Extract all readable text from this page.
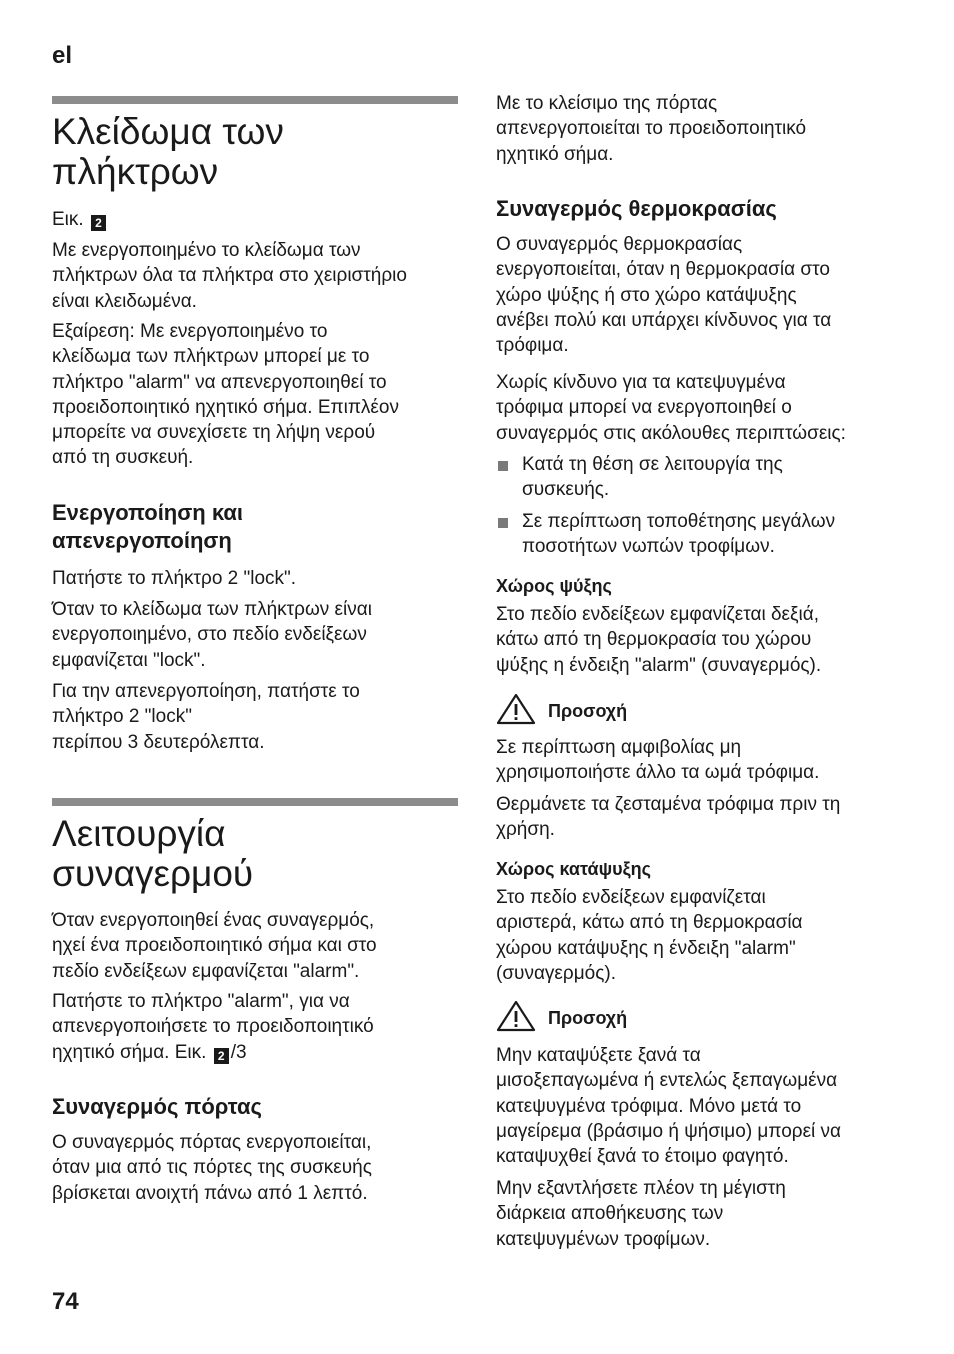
el
Κλείδωμα των
πλήκτρων
Εικ. 2

Με ενεργοποιημένο το κλείδωμα των
πλήκτρων όλα τα πλήκτρα στο χειριστήριο
είναι κλειδωμένα.

Εξαίρεση: Με ενεργοποιημένο το
κλείδωμα των πλήκτρων μπορεί με το
πλήκτρο "alarm" να απενεργοποιηθεί το
προειδοποιητικό ηχητικό σήμα. Επιπλέον
μπορείτε να συνεχίσετε τη λήψη νερού
από τη συσκευή.

Ενεργοποίηση και
απενεργοποίηση

Πατήστε το πλήκτρο 2 "lock".

Όταν το κλείδωμα των πλήκτρων είναι
ενεργοποιημένο, στο πεδίο ενδείξεων
εμφανίζεται "lock".

Για την απενεργοποίηση, πατήστε το
πλήκτρο 2 "lock"
περίπου 3 δευτερόλεπτα.

Λειτουργία
συναγερμού

Όταν ενεργοποιηθεί ένας συναγερμός,
ηχεί ένα προειδοποιητικό σήμα και στο
πεδίο ενδείξεων εμφανίζεται "alarm".

Πατήστε το πλήκτρο "alarm", για να
απενεργοποιήσετε το προειδοποιητικό
ηχητικό σήμα. Εικ. 2 /3

Συναγερμός πόρτας

Ο συναγερμός πόρτας ενεργοποιείται,
όταν μια από τις πόρτες της συσκευής
βρίσκεται ανοιχτή πάνω από 1 λεπτό.

Με το κλείσιμο της πόρτας
απενεργοποιείται το προειδοποιητικό
ηχητικό σήμα.

Συναγερμός θερμοκρασίας

Ο συναγερμός θερμοκρασίας
ενεργοποιείται, όταν η θερμοκρασία στο
χώρο ψύξης ή στο χώρο κατάψυξης
ανέβει πολύ και υπάρχει κίνδυνος για τα
τρόφιμα.

Χωρίς κίνδυνο για τα κατεψυγμένα
τρόφιμα μπορεί να ενεργοποιηθεί ο
συναγερμός στις ακόλουθες περιπτώσεις:

Κατά τη θέση σε λειτουργία της
συσκευής.
Σε περίπτωση τοποθέτησης μεγάλων
ποσοτήτων νωπών τροφίμων.
Χώρος ψύξης

Στο πεδίο ενδείξεων εμφανίζεται δεξιά,
κάτω από τη θερμοκρασία του χώρου
ψύξης η ένδειξη "alarm" (συναγερμός).

Προσοχή

Σε περίπτωση αμφιβολίας μη
χρησιμοποιήστε άλλο τα ωμά τρόφιμα.

Θερμάνετε τα ζεσταμένα τρόφιμα πριν τη
χρήση.

Χώρος κατάψυξης

Στο πεδίο ενδείξεων εμφανίζεται
αριστερά, κάτω από τη θερμοκρασία
χώρου κατάψυξης η ένδειξη "alarm"
(συναγερμός).

Προσοχή

Μην καταψύξετε ξανά τα
μισοξεπαγωμένα ή εντελώς ξεπαγωμένα
κατεψυγμένα τρόφιμα. Μόνο μετά το
μαγείρεμα (βράσιμο ή ψήσιμο) μπορεί να
καταψυχθεί ξανά το έτοιμο φαγητό.

Μην εξαντλήσετε πλέον τη μέγιστη
διάρκεια αποθήκευσης των
κατεψυγμένων τροφίμων.

74
